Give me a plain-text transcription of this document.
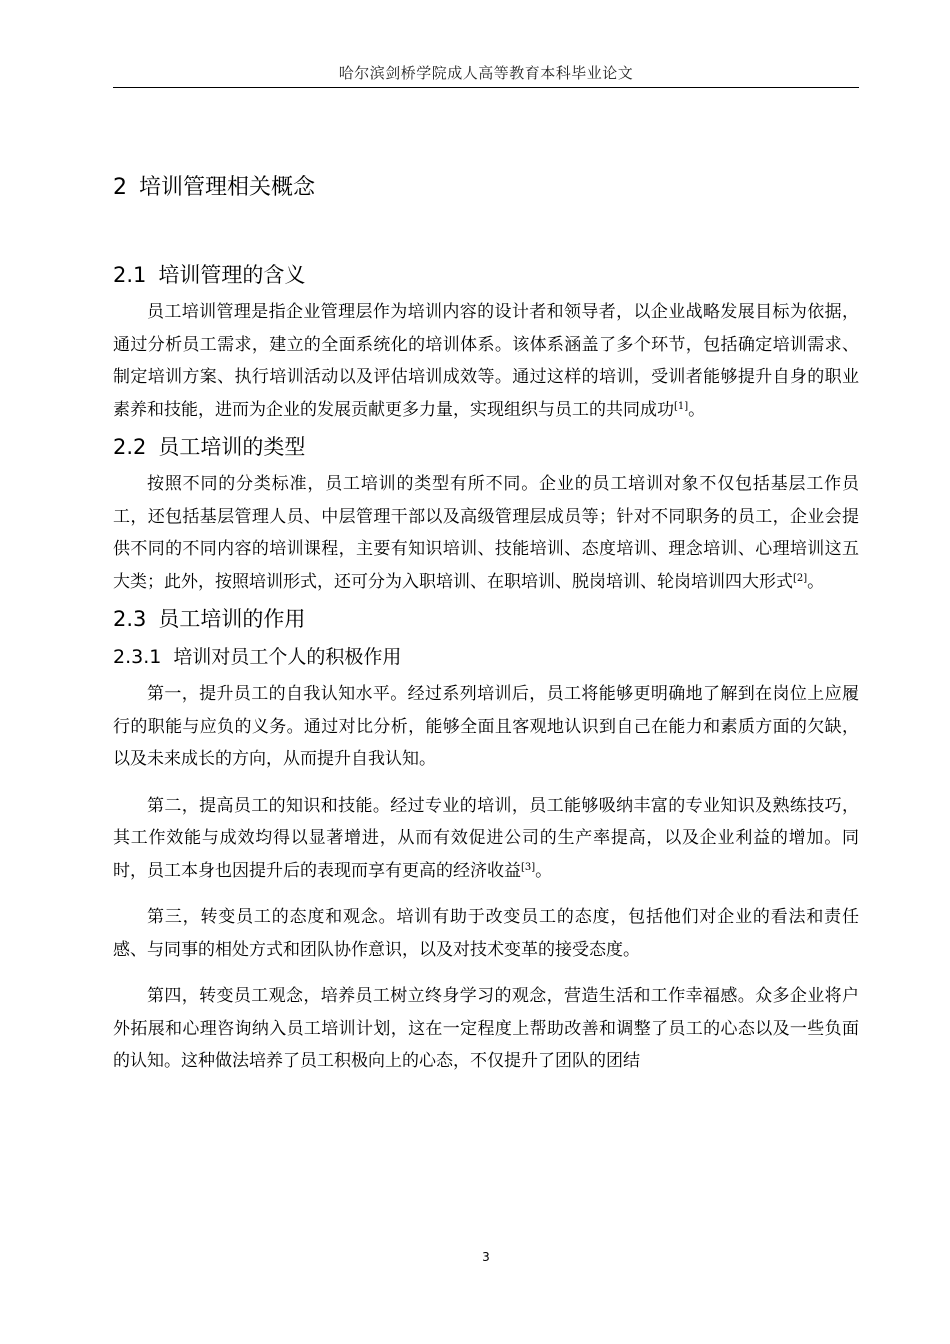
哈尔滨剑桥学院成人高等教育本科毕业论文
2 培训管理相关概念
2.1 培训管理的含义

员工培训管理是指企业管理层作为培训内容的设计者和领导者，以企业战略发展目标为依据，通过分析员工需求，建立的全面系统化的培训体系。该体系涵盖了多个环节，包括确定培训需求、制定培训方案、执行培训活动以及评估培训成效等。通过这样的培训，受训者能够提升自身的职业素养和技能，进而为企业的发展贡献更多力量，实现组织与员工的共同成功[1]。

2.2 员工培训的类型

按照不同的分类标准，员工培训的类型有所不同。企业的员工培训对象不仅包括基层工作员工，还包括基层管理人员、中层管理干部以及高级管理层成员等；针对不同职务的员工，企业会提供不同的不同内容的培训课程，主要有知识培训、技能培训、态度培训、理念培训、心理培训这五大类；此外，按照培训形式，还可分为入职培训、在职培训、脱岗培训、轮岗培训四大形式[2]。

2.3 员工培训的作用
2.3.1 培训对员工个人的积极作用

第一，提升员工的自我认知水平。经过系列培训后，员工将能够更明确地了解到在岗位上应履行的职能与应负的义务。通过对比分析，能够全面且客观地认识到自己在能力和素质方面的欠缺，以及未来成长的方向，从而提升自我认知。

第二，提高员工的知识和技能。经过专业的培训，员工能够吸纳丰富的专业知识及熟练技巧，其工作效能与成效均得以显著增进，从而有效促进公司的生产率提高，以及企业利益的增加。同时，员工本身也因提升后的表现而享有更高的经济收益[3]。

第三，转变员工的态度和观念。培训有助于改变员工的态度，包括他们对企业的看法和责任感、与同事的相处方式和团队协作意识，以及对技术变革的接受态度。

第四，转变员工观念，培养员工树立终身学习的观念，营造生活和工作幸福感。众多企业将户外拓展和心理咨询纳入员工培训计划，这在一定程度上帮助改善和调整了员工的心态以及一些负面的认知。这种做法培养了员工积极向上的心态，不仅提升了团队的团结

3
